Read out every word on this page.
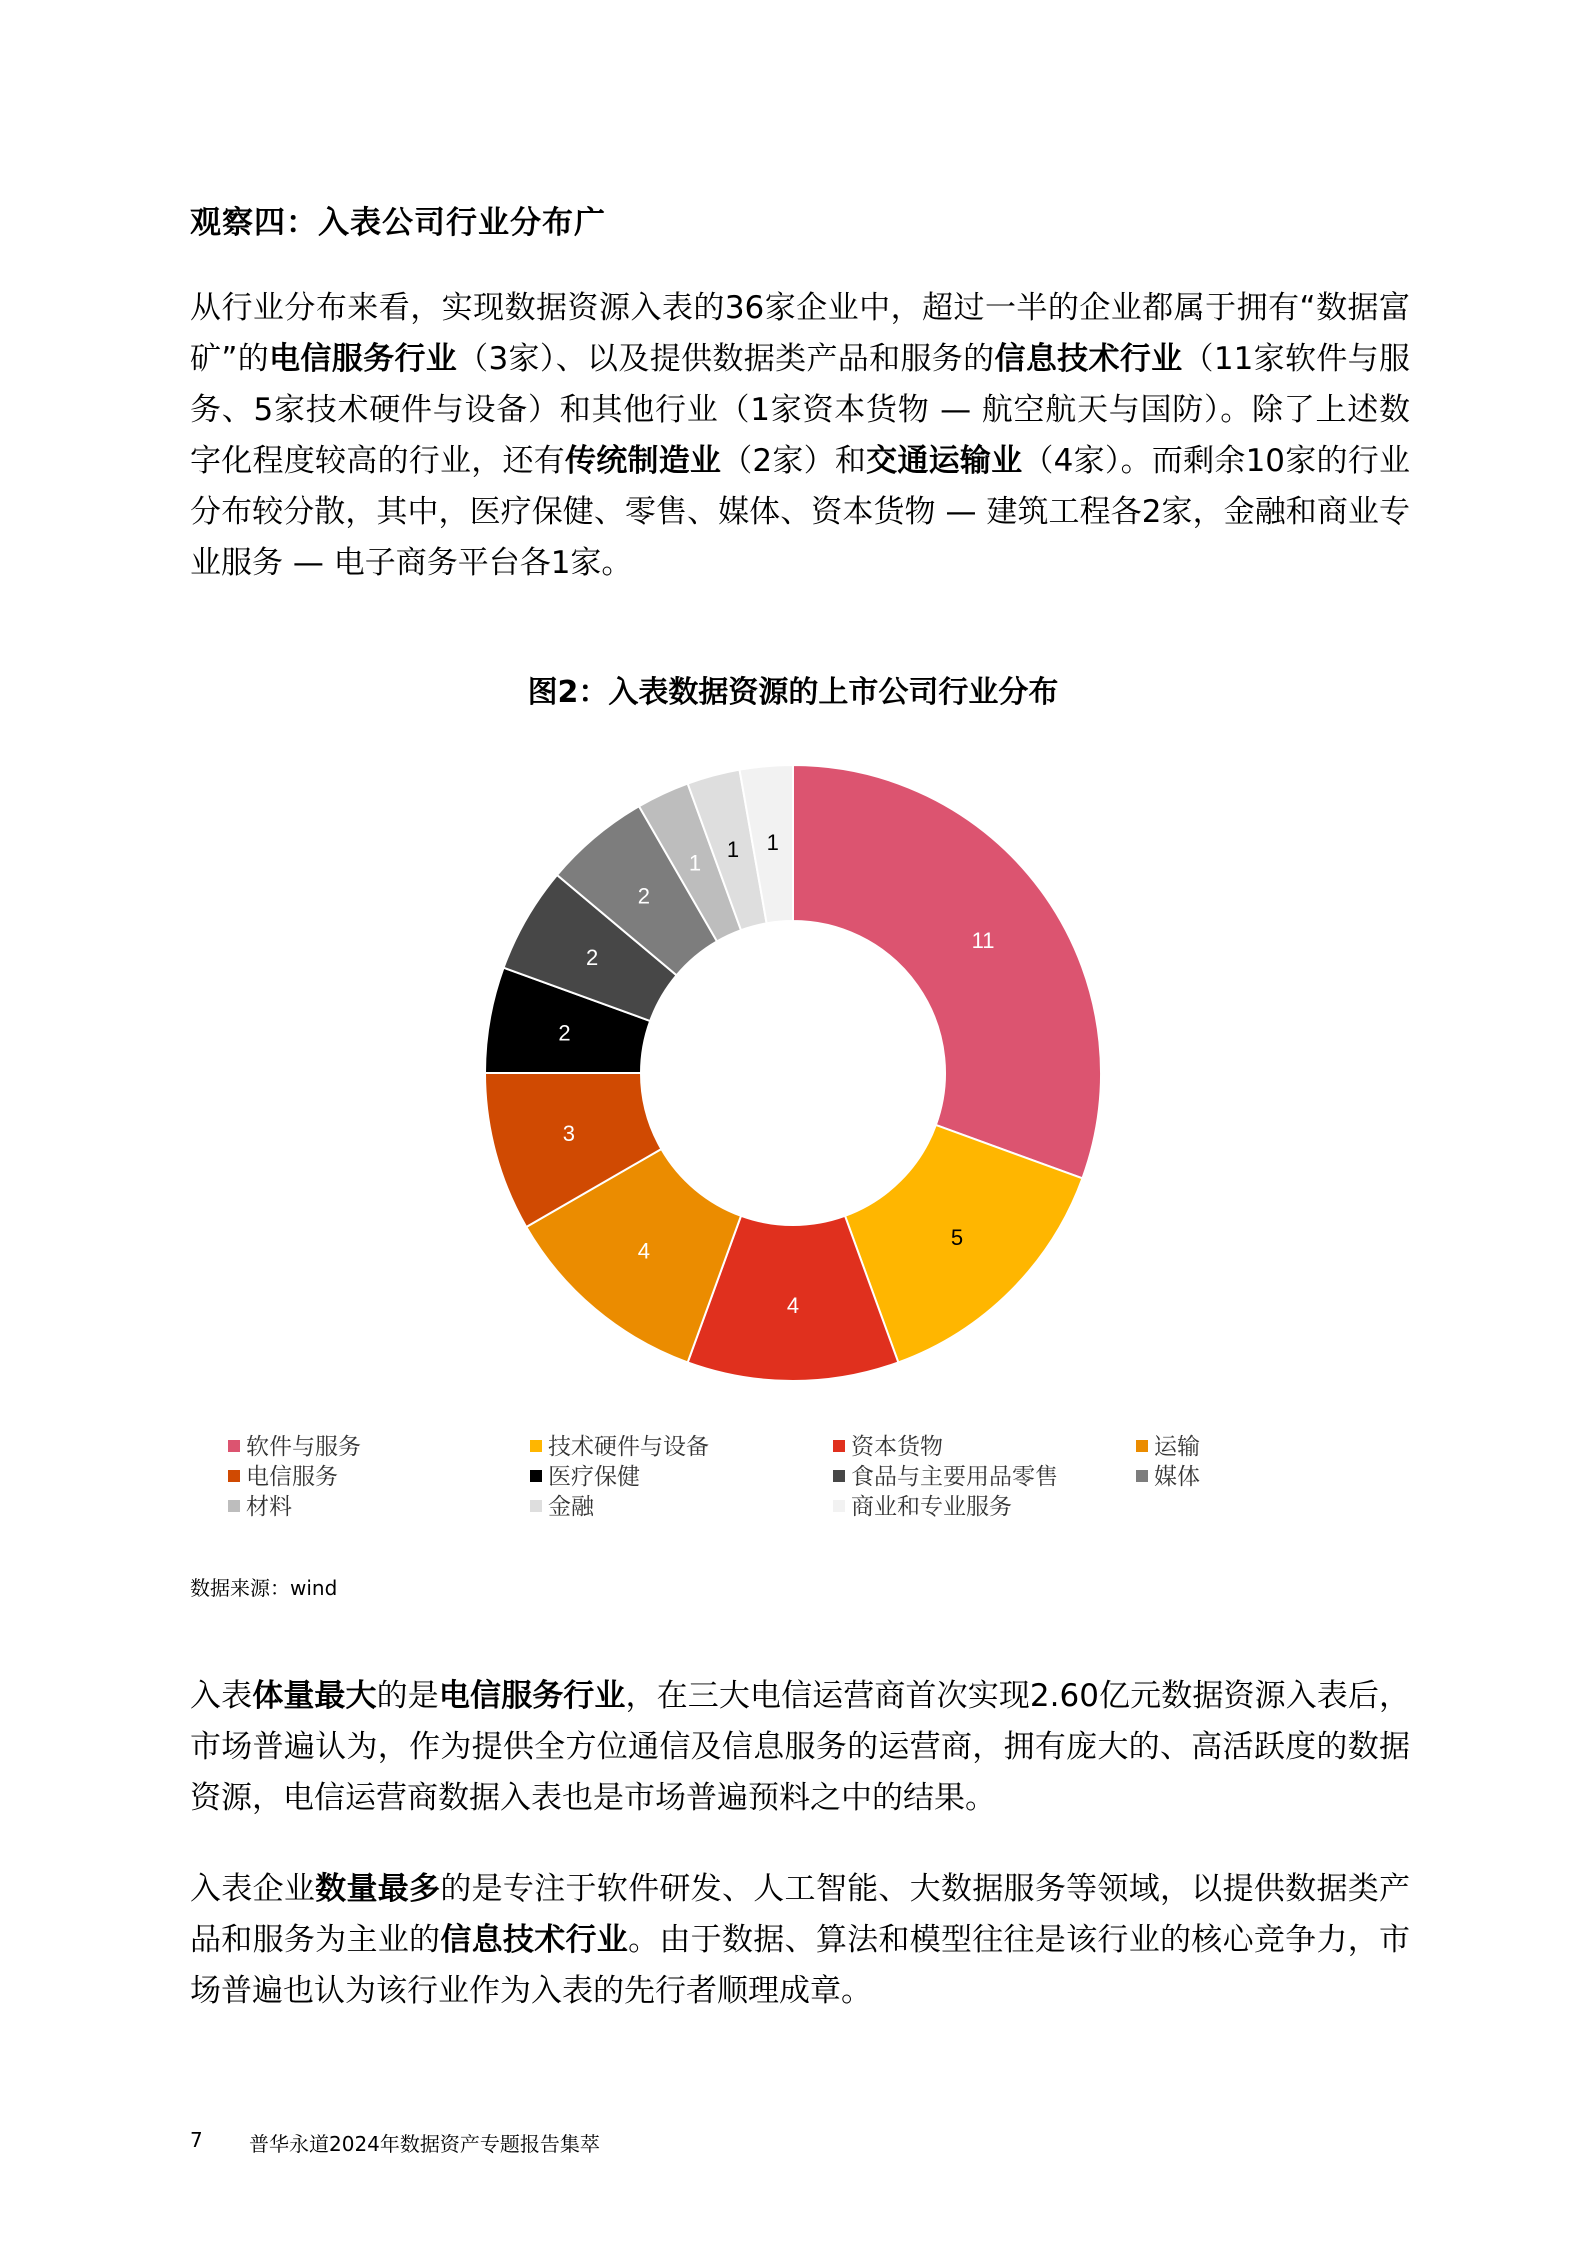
观察四：入表公司行业分布广
从行业分布来看，实现数据资源入表的36家企业中，超过一半的企业都属于拥有“数据富矿”的电信服务行业（3家）、以及提供数据类产品和服务的信息技术行业（11家软件与服务、5家技术硬件与设备）和其他行业（1家资本货物 — 航空航天与国防）。除了上述数字化程度较高的行业，还有传统制造业（2家）和交通运输业（4家）。而剩余10家的行业分布较分散，其中，医疗保健、零售、媒体、资本货物 — 建筑工程各2家，金融和商业专业服务 — 电子商务平台各1家。
图2：入表数据资源的上市公司行业分布
11
5
4
4
3
2
2
2
1
1 1
软件与服务	技术硬件与设备	资本货物	运输
电信服务	医疗保健	食品与主要用品零售	媒体
材料	金融	商业和专业服务
数据来源：wind
入表体量最大的是电信服务行业，在三大电信运营商首次实现2.60亿元数据资源入表后，市场普遍认为，作为提供全方位通信及信息服务的运营商，拥有庞大的、高活跃度的数据资源，电信运营商数据入表也是市场普遍预料之中的结果。
入表企业数量最多的是专注于软件研发、人工智能、大数据服务等领域，以提供数据类产品和服务为主业的信息技术行业。由于数据、算法和模型往往是该行业的核心竞争力，市场普遍也认为该行业作为入表的先行者顺理成章。
7 普华永道2024年数据资产专题报告集萃
